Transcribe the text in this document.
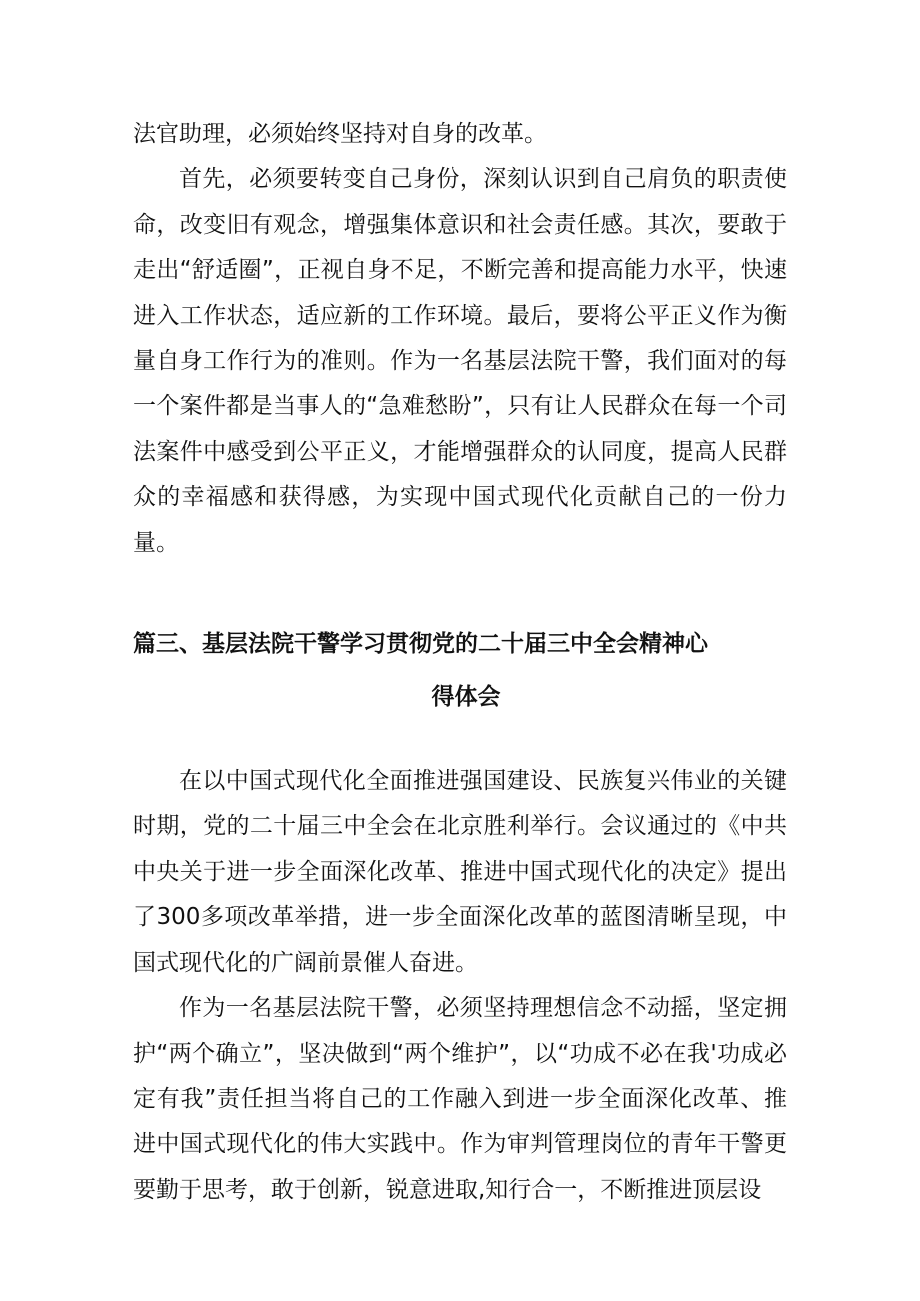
法官助理，必须始终坚持对自身的改革。

首先，必须要转变自己身份，深刻认识到自己肩负的职责使命，改变旧有观念，增强集体意识和社会责任感。其次，要敢于走出“舒适圈”，正视自身不足，不断完善和提高能力水平，快速进入工作状态，适应新的工作环境。最后，要将公平正义作为衡量自身工作行为的准则。作为一名基层法院干警，我们面对的每一个案件都是当事人的“急难愁盼”，只有让人民群众在每一个司法案件中感受到公平正义，才能增强群众的认同度，提高人民群众的幸福感和获得感，为实现中国式现代化贡献自己的一份力量。

篇三、基层法院干警学习贯彻党的二十届三中全会精神心

得体会

在以中国式现代化全面推进强国建设、民族复兴伟业的关键时期，党的二十届三中全会在北京胜利举行。会议通过的《中共中央关于进一步全面深化改革、推进中国式现代化的决定》提出了300多项改革举措，进一步全面深化改革的蓝图清晰呈现，中国式现代化的广阔前景催人奋进。

作为一名基层法院干警，必须坚持理想信念不动摇，坚定拥护“两个确立”，坚决做到“两个维护”，以“功成不必在我'功成必定有我”责任担当将自己的工作融入到进一步全面深化改革、推进中国式现代化的伟大实践中。作为审判管理岗位的青年干警更要勤于思考，敢于创新，锐意进取,知行合一，不断推进顶层设
